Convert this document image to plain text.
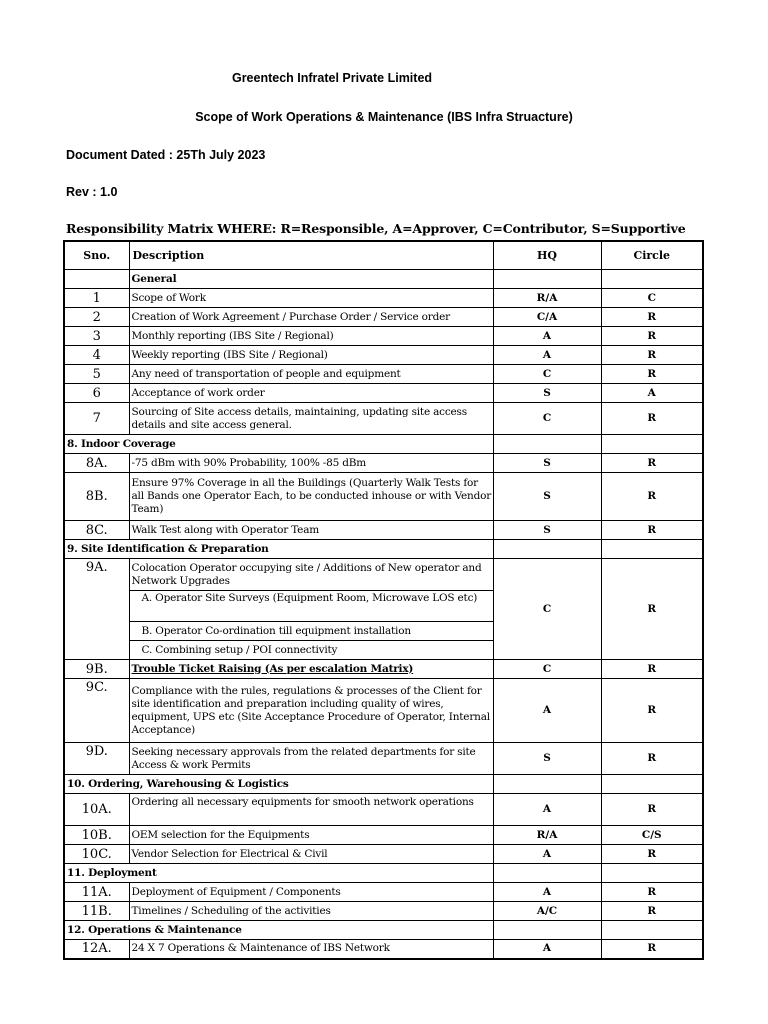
Greentech Infratel Private Limited
Scope of Work Operations & Maintenance (IBS Infra Struacture)
Document Dated : 25Th July 2023
Rev : 1.0
Responsibility Matrix WHERE: R=Responsible, A=Approver, C=Contributor, S=Supportive
Sno.	Description	HQ	Circle
	General		
1	Scope of Work	R/A	C
2	Creation of Work Agreement / Purchase Order / Service order	C/A	R
3	Monthly reporting (IBS Site / Regional)	A	R
4	Weekly reporting (IBS Site / Regional)	A	R
5	Any need of transportation of people and equipment	C	R
6	Acceptance of work order	S	A
7	Sourcing of Site access details, maintaining, updating site access details and site access general.	C	R
8. Indoor Coverage			
8A.	-75 dBm with 90% Probability, 100% -85 dBm	S	R
8B.	Ensure 97% Coverage in all the Buildings (Quarterly Walk Tests for all Bands one Operator Each, to be conducted inhouse or with Vendor Team)	S	R
8C.	Walk Test along with Operator Team	S	R
9. Site Identification & Preparation			
9A.	Colocation Operator occupying site / Additions of New operator and Network Upgrades	C	R
	A. Operator Site Surveys (Equipment Room, Microwave LOS etc)		
	B. Operator Co-ordination till equipment installation		
	C. Combining setup / POI connectivity		
9B.	Trouble Ticket Raising (As per escalation Matrix)	C	R
9C.	Compliance with the rules, regulations & processes of the Client for site identification and preparation including quality of wires, equipment, UPS etc (Site Acceptance Procedure of Operator, Internal Acceptance)	A	R
9D.	Seeking necessary approvals from the related departments for site Access & work Permits	S	R
10. Ordering, Warehousing & Logistics			
10A.	Ordering all necessary equipments for smooth network operations	A	R
10B.	OEM selection for the Equipments	R/A	C/S
10C.	Vendor Selection for Electrical & Civil	A	R
11. Deployment			
11A.	Deployment of Equipment / Components	A	R
11B.	Timelines / Scheduling of the activities	A/C	R
12. Operations & Maintenance			
12A.	24 X 7 Operations & Maintenance of IBS Network	A	R
